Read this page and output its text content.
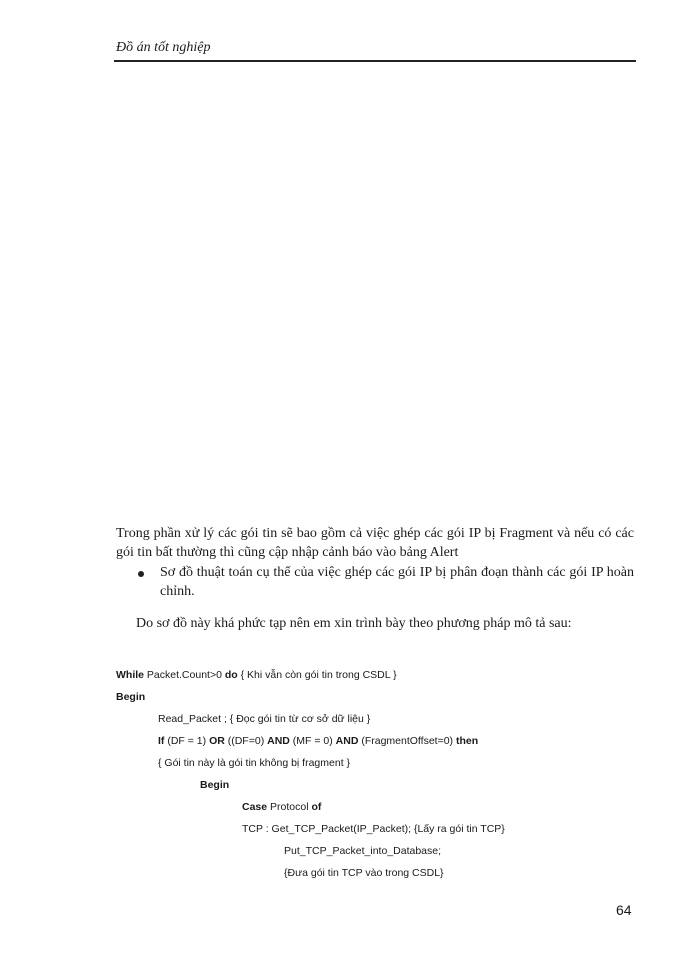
Đồ án tốt nghiệp
Trong phần xử lý các gói tin sẽ bao gồm cả việc ghép các gói IP bị Fragment và nếu có các gói tin bất thường thì cũng cập nhập cảnh báo vào bảng Alert
Sơ đồ thuật toán cụ thể của việc ghép các gói IP bị phân đoạn thành các gói IP hoàn chỉnh.
Do sơ đồ này khá phức tạp nên em xin trình bày theo phương pháp mô tả sau:
While Packet.Count>0 do { Khi vẫn còn gói tin trong CSDL }
Begin
Read_Packet ; { Đọc gói tin từ cơ sở dữ liệu }
If (DF = 1) OR ((DF=0) AND (MF = 0) AND (FragmentOffset=0) then
{ Gói tin này là gói tin không bị fragment }
Begin
Case Protocol of
TCP : Get_TCP_Packet(IP_Packet); {Lấy ra gói tin TCP}
Put_TCP_Packet_into_Database;
{Đưa gói tin TCP vào trong CSDL}
64
